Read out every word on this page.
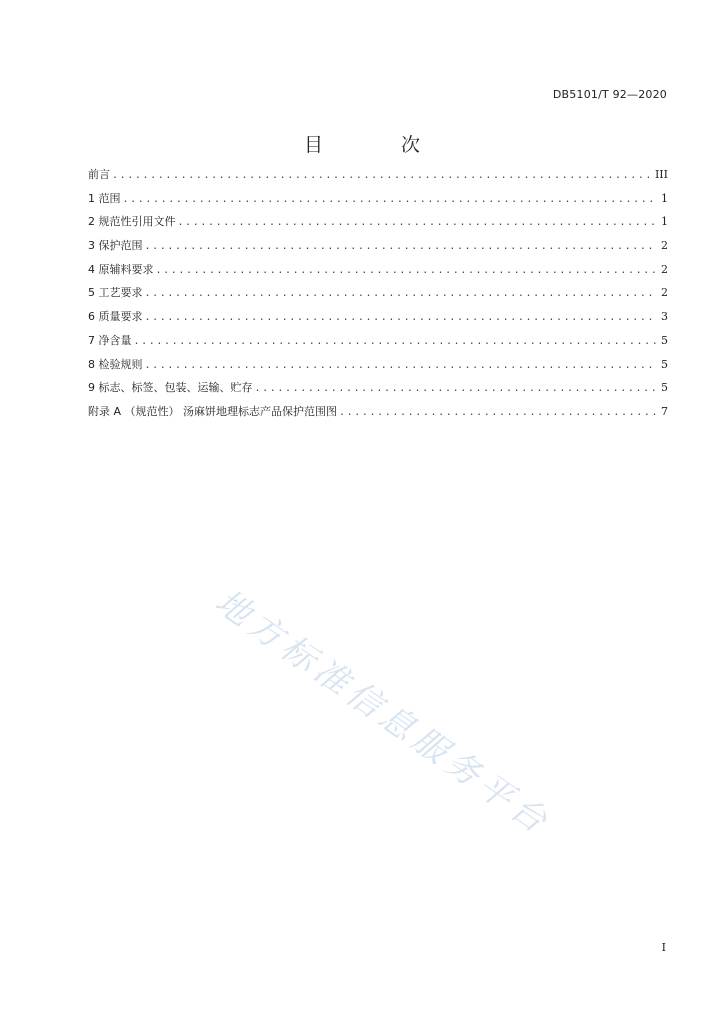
DB5101/T 92—2020
目 次
前言 .....	III
1 范围 .....	1
2 规范性引用文件 .....	1
3 保护范围 .....	2
4 原辅料要求 .....	2
5 工艺要求 .....	2
6 质量要求 .....	3
7 净含量 .....	5
8 检验规则 .....	5
9 标志、标签、包装、运输、贮存 .....	5
附录 A （规范性） 汤麻饼地理标志产品保护范围图 .....	7
地方标准信息服务平台
I
